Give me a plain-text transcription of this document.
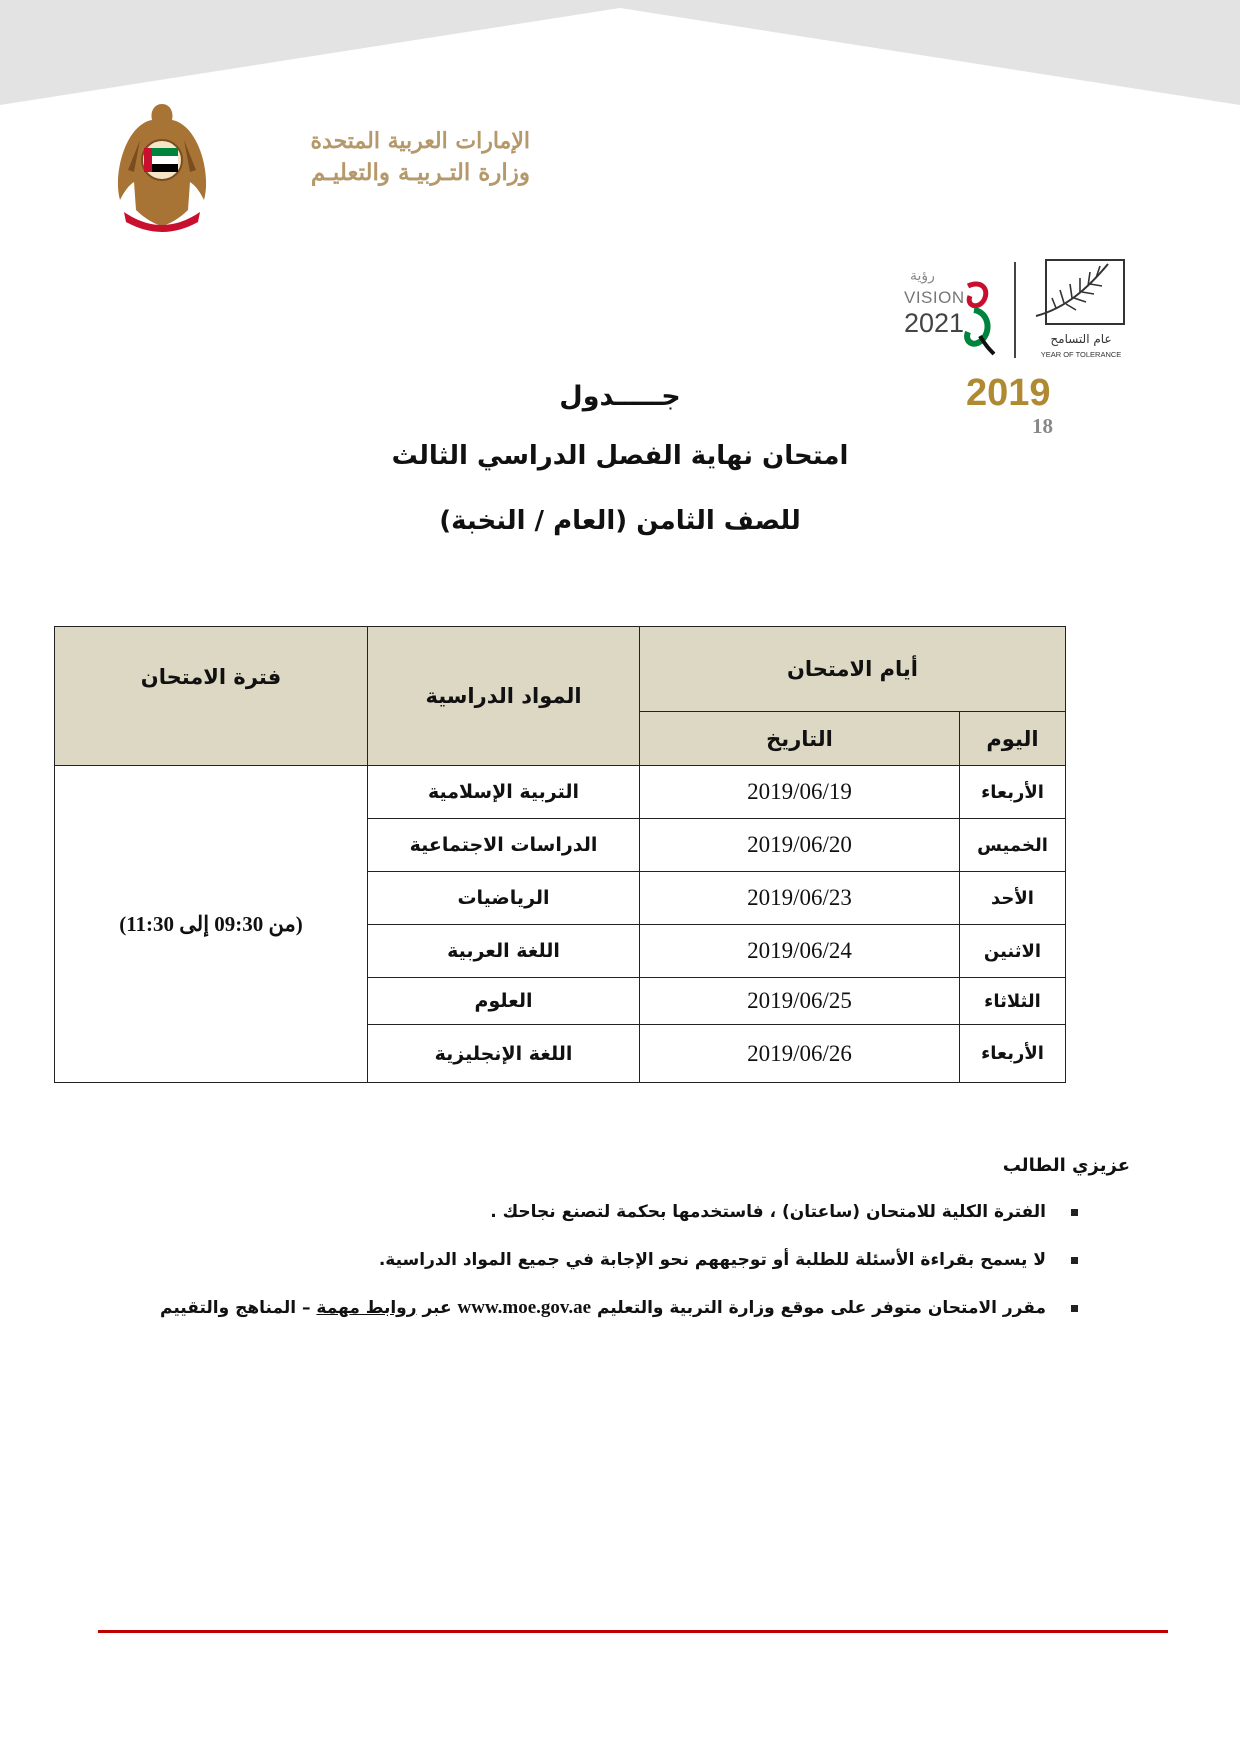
الإمارات العربية المتحدة
وزارة التـربيـة والتعليـم
رؤية
VISION
2021
عام التسامح
YEAR OF TOLERANCE
2019
18
جـــــدول
امتحان نهاية الفصل الدراسي الثالث
للصف الثامن (العام / النخبة)
أيام الامتحان		المواد الدراسية	فترة الامتحان
اليوم	التاريخ		
الأربعاء	2019/06/19	التربية الإسلامية	(من 09:30 إلى 11:30)
الخميس	2019/06/20	الدراسات الاجتماعية	
الأحد	2019/06/23	الرياضيات	
الاثنين	2019/06/24	اللغة العربية	
الثلاثاء	2019/06/25	العلوم	
الأربعاء	2019/06/26	اللغة الإنجليزية	

عزيزي الطالب

الفترة الكلية للامتحان (ساعتان) ، فاستخدمها بحكمة لتصنع نجاحك .
لا يسمح بقراءة الأسئلة للطلبة أو توجيههم نحو الإجابة في جميع المواد الدراسية.
مقرر الامتحان متوفر على موقع وزارة التربية والتعليم www.moe.gov.ae عبر روابط مهمة – المناهج والتقييم
